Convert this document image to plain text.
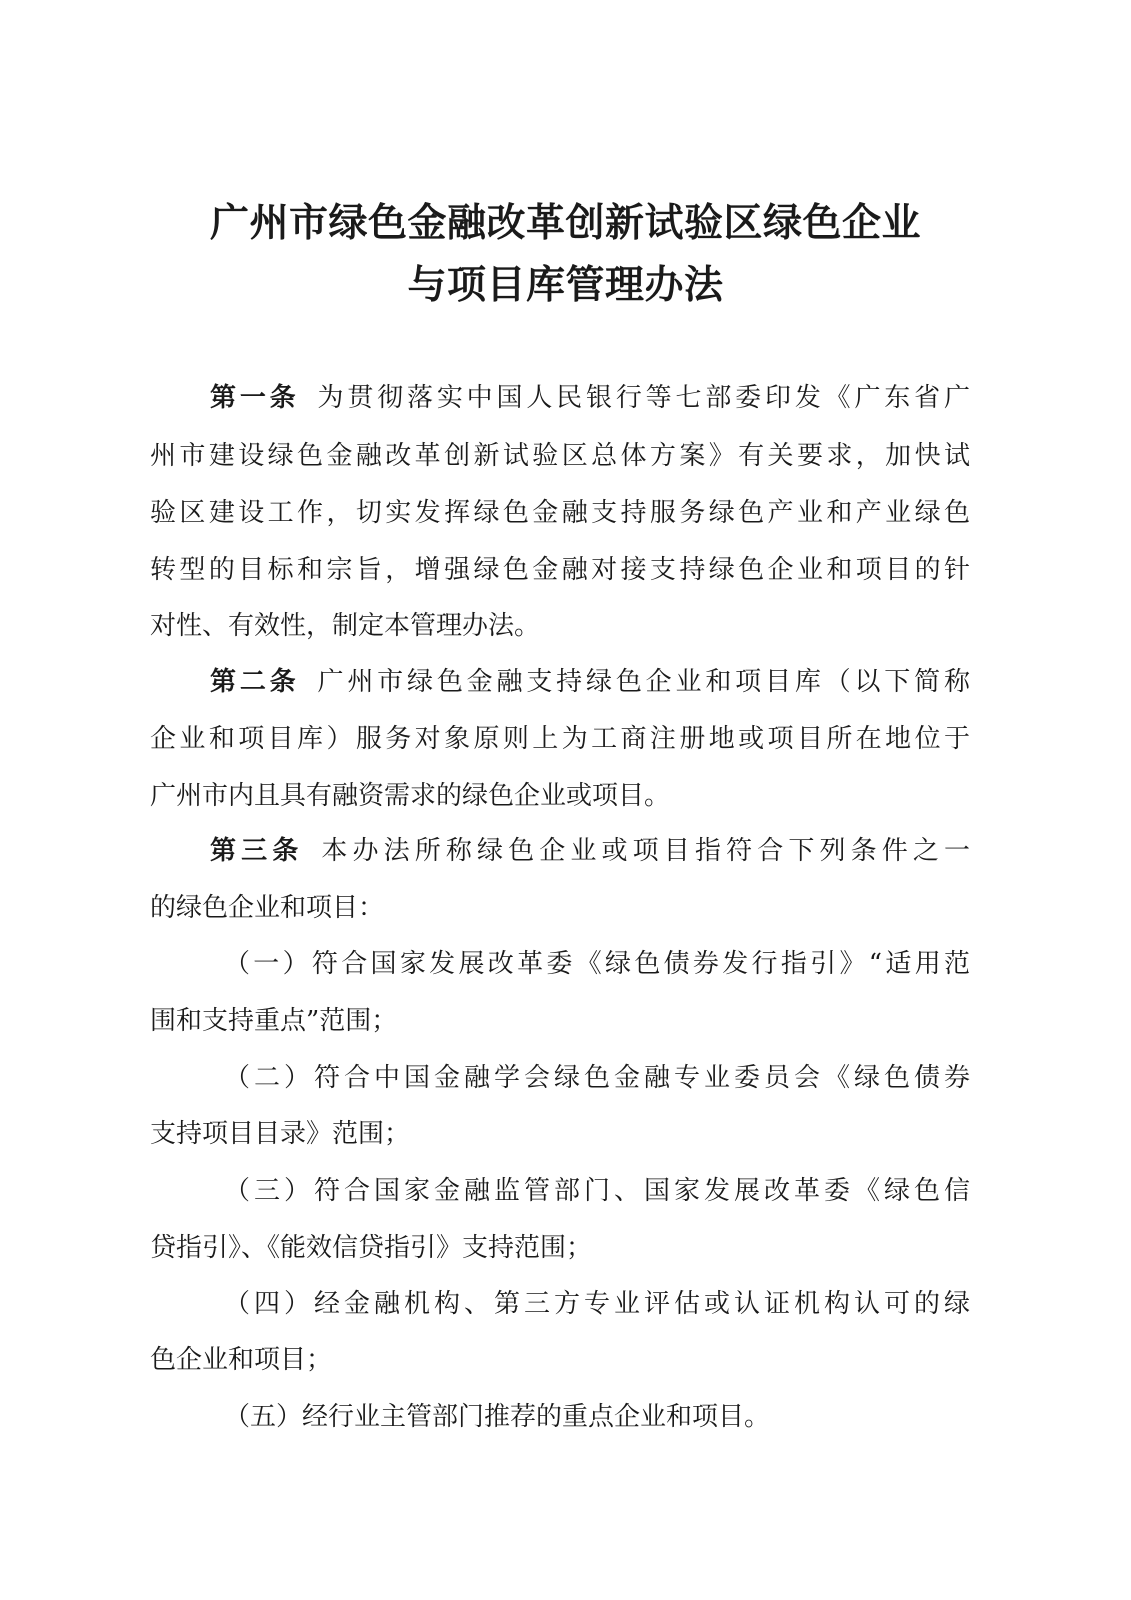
广州市绿色金融改革创新试验区绿色企业
与项目库管理办法
第一条 为贯彻落实中国人民银行等七部委印发《广东省广
州市建设绿色金融改革创新试验区总体方案》有关要求，加快试
验区建设工作，切实发挥绿色金融支持服务绿色产业和产业绿色
转型的目标和宗旨，增强绿色金融对接支持绿色企业和项目的针
对性、有效性，制定本管理办法。
第二条 广州市绿色金融支持绿色企业和项目库（以下简称
企业和项目库）服务对象原则上为工商注册地或项目所在地位于
广州市内且具有融资需求的绿色企业或项目。
第三条 本办法所称绿色企业或项目指符合下列条件之一
的绿色企业和项目：
（一）符合国家发展改革委《绿色债券发行指引》“适用范
围和支持重点”范围；
（二）符合中国金融学会绿色金融专业委员会《绿色债券
支持项目目录》范围；
（三）符合国家金融监管部门、国家发展改革委《绿色信
贷指引》、《能效信贷指引》支持范围；
（四）经金融机构、第三方专业评估或认证机构认可的绿
色企业和项目；
（五）经行业主管部门推荐的重点企业和项目。
